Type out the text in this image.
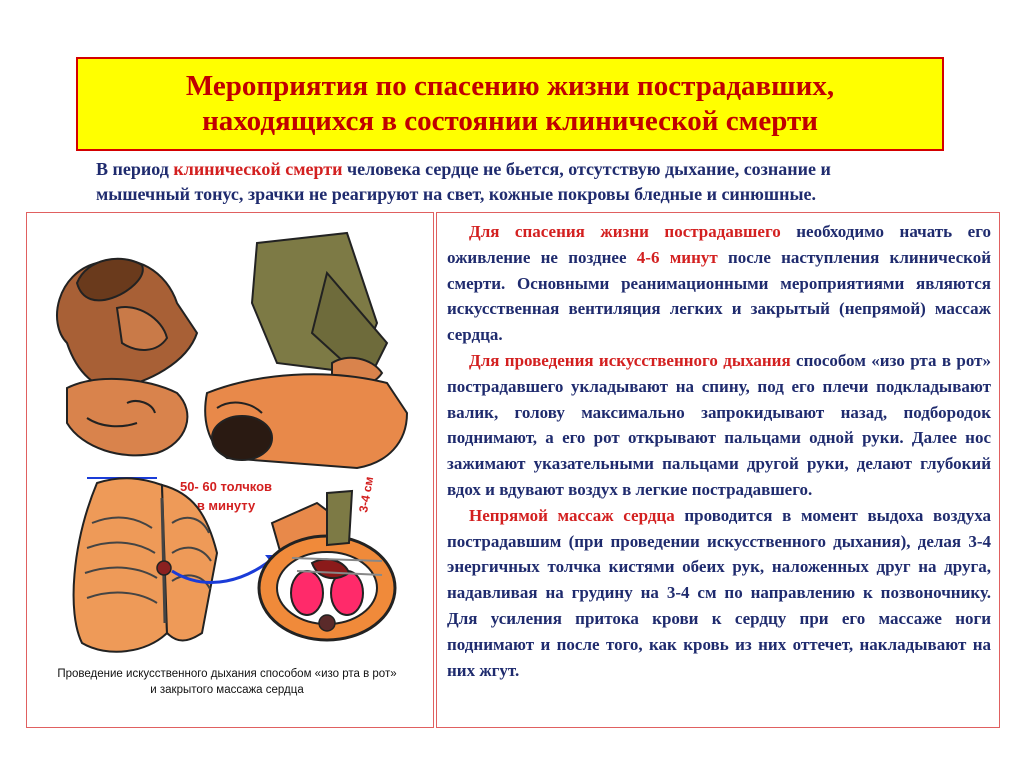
Мероприятия по спасению жизни пострадавших,
находящихся в состоянии клинической смерти
В период клинической смерти человека сердце не бьется, отсутствую дыхание, сознание и
мышечный тонус, зрачки не реагируют на свет, кожные покровы бледные и синюшные.
50- 60 толчков
в минуту	3-4 см
Проведение искусственного дыхания способом «изо рта в рот»
и закрытого массажа сердца

Для спасения жизни пострадавшего необходимо начать его оживление не позднее 4-6 минут после наступления клинической смерти. Основными реанимационными мероприятиями являются искусственная вентиляция легких и закрытый (непрямой) массаж сердца.

Для проведения искусственного дыхания способом «изо рта в рот» пострадавшего укладывают на спину, под его плечи подкладывают валик, голову максимально запрокидывают назад, подбородок поднимают, а его рот открывают пальцами одной руки. Далее нос зажимают указательными пальцами другой руки, делают глубокий вдох и вдувают воздух в легкие пострадавшего.

Непрямой массаж сердца проводится в момент выдоха воздуха пострадавшим (при проведении искусственного дыхания), делая 3-4 энергичных толчка кистями обеих рук, наложенных друг на друга, надавливая на грудину на 3-4 см по направлению к позвоночнику. Для усиления притока крови к сердцу при его массаже ноги поднимают и после того, как кровь из них оттечет, накладывают на них жгут.
